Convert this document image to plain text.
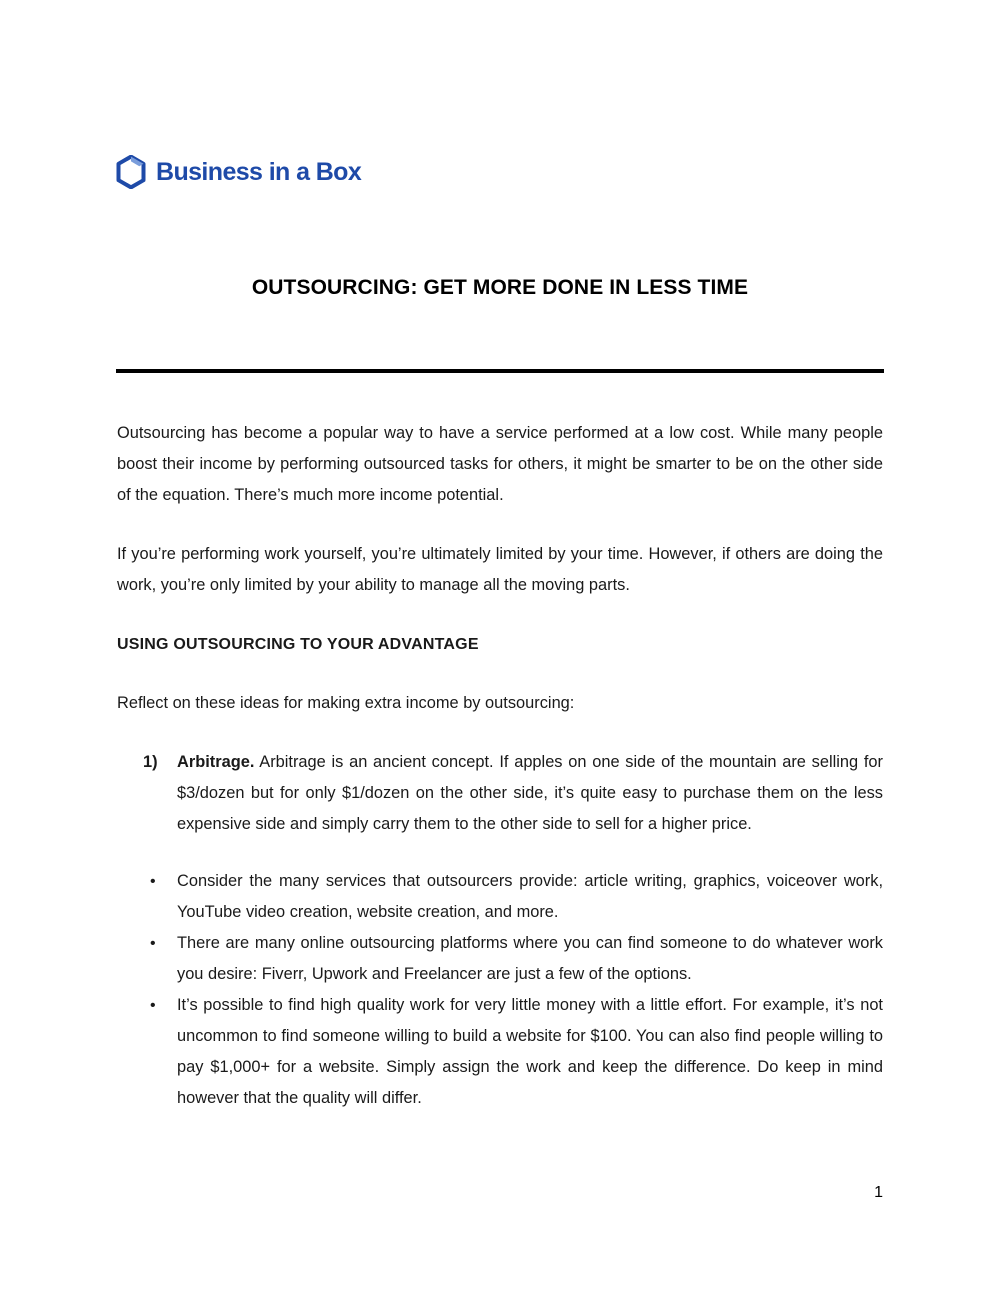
Business in a Box
OUTSOURCING: GET MORE DONE IN LESS TIME

Outsourcing has become a popular way to have a service performed at a low cost. While many people boost their income by performing outsourced tasks for others, it might be smarter to be on the other side of the equation. There’s much more income potential.

If you’re performing work yourself, you’re ultimately limited by your time. However, if others are doing the work, you’re only limited by your ability to manage all the moving parts.

USING OUTSOURCING TO YOUR ADVANTAGE

Reflect on these ideas for making extra income by outsourcing:

1)	Arbitrage. Arbitrage is an ancient concept. If apples on one side of the mountain are selling for $3/dozen but for only $1/dozen on the other side, it’s quite easy to purchase them on the less expensive side and simply carry them to the other side to sell for a higher price.
• Consider the many services that outsourcers provide: article writing, graphics, voiceover work, YouTube video creation, website creation, and more.
• There are many online outsourcing platforms where you can find someone to do whatever work you desire: Fiverr, Upwork and Freelancer are just a few of the options.
• It’s possible to find high quality work for very little money with a little effort. For example, it’s not uncommon to find someone willing to build a website for $100. You can also find people willing to pay $1,000+ for a website. Simply assign the work and keep the difference. Do keep in mind however that the quality will differ.
1
